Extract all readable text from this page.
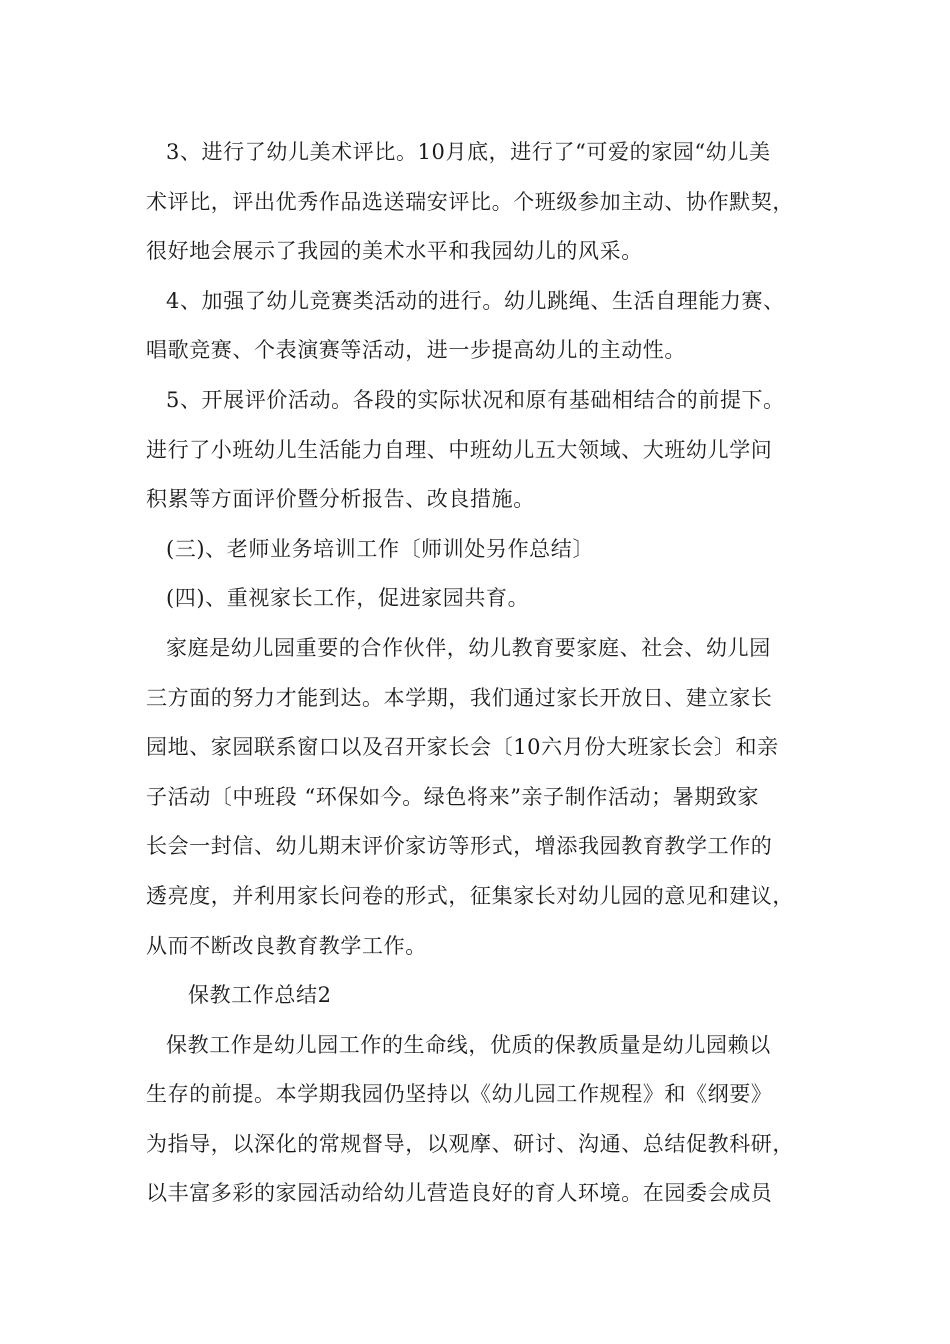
3、进行了幼儿美术评比。10月底，进行了“可爱的家园“幼儿美
术评比，评出优秀作品选送瑞安评比。个班级参加主动、协作默契，
很好地会展示了我园的美术水平和我园幼儿的风采。
4、加强了幼儿竞赛类活动的进行。幼儿跳绳、生活自理能力赛、
唱歌竞赛、个表演赛等活动，进一步提高幼儿的主动性。
5、开展评价活动。各段的实际状况和原有基础相结合的前提下。
进行了小班幼儿生活能力自理、中班幼儿五大领域、大班幼儿学问
积累等方面评价暨分析报告、改良措施。
(三)、老师业务培训工作〔师训处另作总结〕
(四)、重视家长工作，促进家园共育。
家庭是幼儿园重要的合作伙伴，幼儿教育要家庭、社会、幼儿园
三方面的努力才能到达。本学期，我们通过家长开放日、建立家长
园地、家园联系窗口以及召开家长会〔10六月份大班家长会〕和亲
子活动〔中班段 “环保如今。绿色将来”亲子制作活动；暑期致家
长会一封信、幼儿期末评价家访等形式，增添我园教育教学工作的
透亮度，并利用家长问卷的形式，征集家长对幼儿园的意见和建议，
从而不断改良教育教学工作。
保教工作总结2
保教工作是幼儿园工作的生命线，优质的保教质量是幼儿园赖以
生存的前提。本学期我园仍坚持以《幼儿园工作规程》和《纲要》
为指导，以深化的常规督导，以观摩、研讨、沟通、总结促教科研，
以丰富多彩的家园活动给幼儿营造良好的育人环境。在园委会成员
